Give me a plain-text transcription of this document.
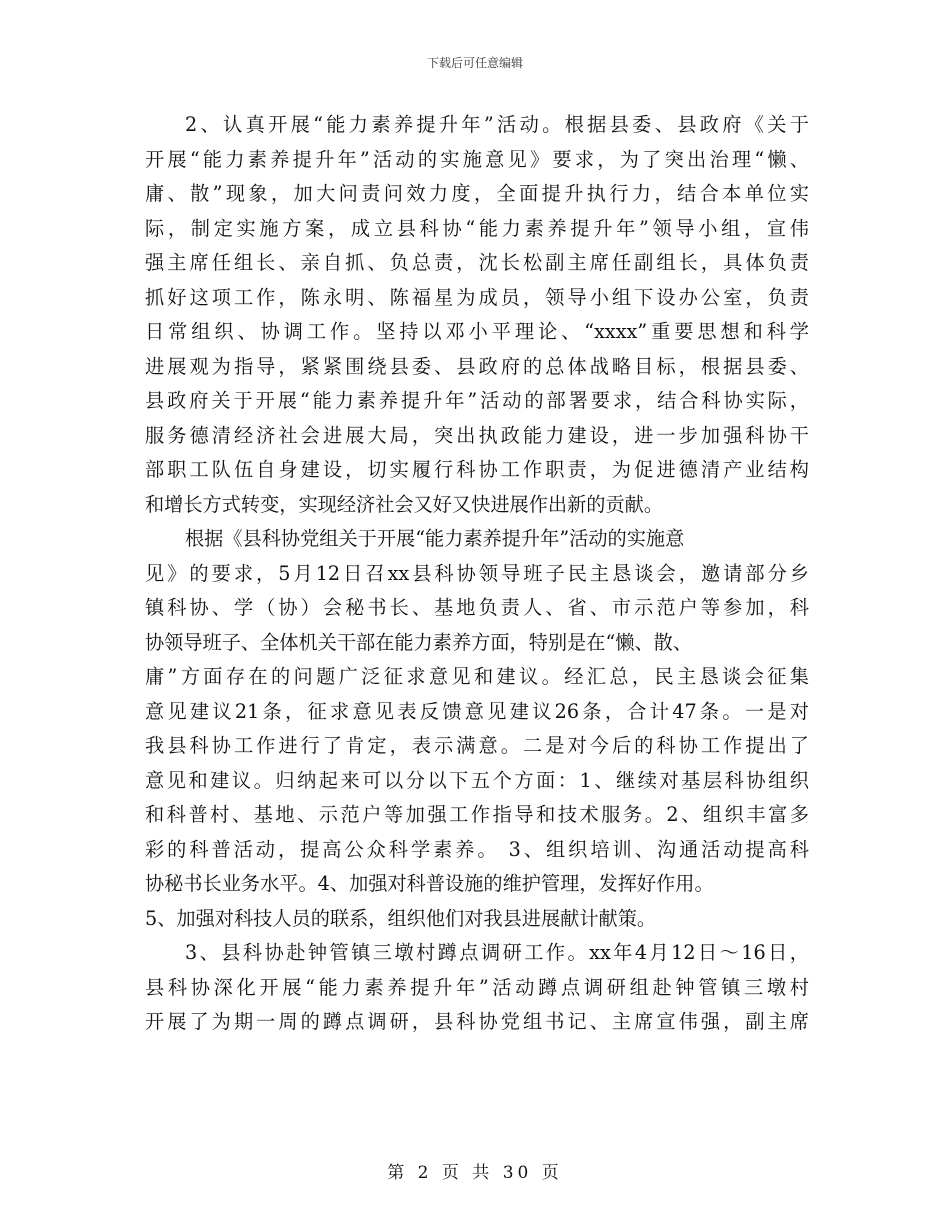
下载后可任意编辑
2、认真开展“能力素养提升年”活动。根据县委、县政府《关于
开展“能力素养提升年”活动的实施意见》要求，为了突出治理“懒、
庸、散”现象，加大问责问效力度，全面提升执行力，结合本单位实
际，制定实施方案，成立县科协“能力素养提升年”领导小组，宣伟
强主席任组长、亲自抓、负总责，沈长松副主席任副组长，具体负责
抓好这项工作，陈永明、陈福星为成员，领导小组下设办公室，负责
日常组织、协调工作。坚持以邓小平理论、“xxxx”重要思想和科学
进展观为指导，紧紧围绕县委、县政府的总体战略目标，根据县委、
县政府关于开展“能力素养提升年”活动的部署要求，结合科协实际，
服务德清经济社会进展大局，突出执政能力建设，进一步加强科协干
部职工队伍自身建设，切实履行科协工作职责，为促进德清产业结构
和增长方式转变，实现经济社会又好又快进展作出新的贡献。
根据《县科协党组关于开展“能力素养提升年”活动的实施意
见》的要求，5月12日召xx县科协领导班子民主恳谈会，邀请部分乡
镇科协、学（协）会秘书长、基地负责人、省、市示范户等参加，科
协领导班子、全体机关干部在能力素养方面，特别是在“懒、散、
庸”方面存在的问题广泛征求意见和建议。经汇总，民主恳谈会征集
意见建议21条，征求意见表反馈意见建议26条，合计47条。一是对
我县科协工作进行了肯定，表示满意。二是对今后的科协工作提出了
意见和建议。归纳起来可以分以下五个方面：1、继续对基层科协组织
和科普村、基地、示范户等加强工作指导和技术服务。2、组织丰富多
彩的科普活动，提高公众科学素养。 3、组织培训、沟通活动提高科
协秘书长业务水平。4、加强对科普设施的维护管理，发挥好作用。
5、加强对科技人员的联系，组织他们对我县进展献计献策。
3、县科协赴钟管镇三墩村蹲点调研工作。xx年4月12日～16日，
县科协深化开展“能力素养提升年”活动蹲点调研组赴钟管镇三墩村
开展了为期一周的蹲点调研，县科协党组书记、主席宣伟强，副主席
第 2 页 共 30 页
